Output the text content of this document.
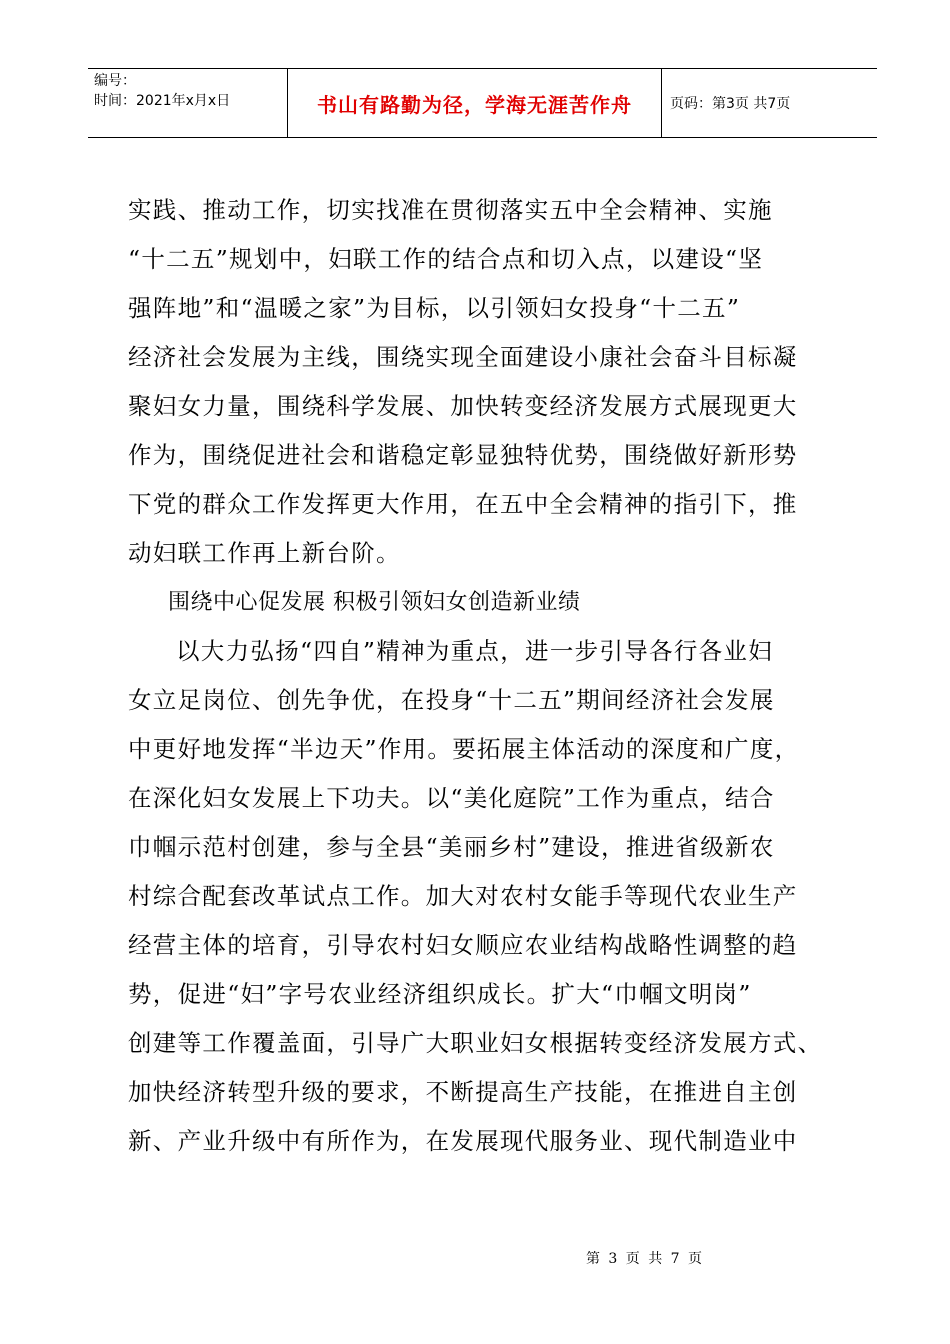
编号：
时间：2021年x月x日	书山有路勤为径，学海无涯苦作舟	页码：第3页 共7页
实践、推动工作，切实找准在贯彻落实五中全会精神、实施
“十二五”规划中，妇联工作的结合点和切入点，以建设“坚
强阵地”和“温暖之家”为目标，以引领妇女投身“十二五”
经济社会发展为主线，围绕实现全面建设小康社会奋斗目标凝
聚妇女力量，围绕科学发展、加快转变经济发展方式展现更大
作为，围绕促进社会和谐稳定彰显独特优势，围绕做好新形势
下党的群众工作发挥更大作用，在五中全会精神的指引下，推
动妇联工作再上新台阶。
围绕中心促发展 积极引领妇女创造新业绩
以大力弘扬“四自”精神为重点，进一步引导各行各业妇
女立足岗位、创先争优，在投身“十二五”期间经济社会发展
中更好地发挥“半边天”作用。要拓展主体活动的深度和广度，
在深化妇女发展上下功夫。以“美化庭院”工作为重点，结合
巾帼示范村创建，参与全县“美丽乡村”建设，推进省级新农
村综合配套改革试点工作。加大对农村女能手等现代农业生产
经营主体的培育，引导农村妇女顺应农业结构战略性调整的趋
势，促进“妇”字号农业经济组织成长。扩大“巾帼文明岗”
创建等工作覆盖面，引导广大职业妇女根据转变经济发展方式、
加快经济转型升级的要求，不断提高生产技能，在推进自主创
新、产业升级中有所作为，在发展现代服务业、现代制造业中
第 3 页 共 7 页
